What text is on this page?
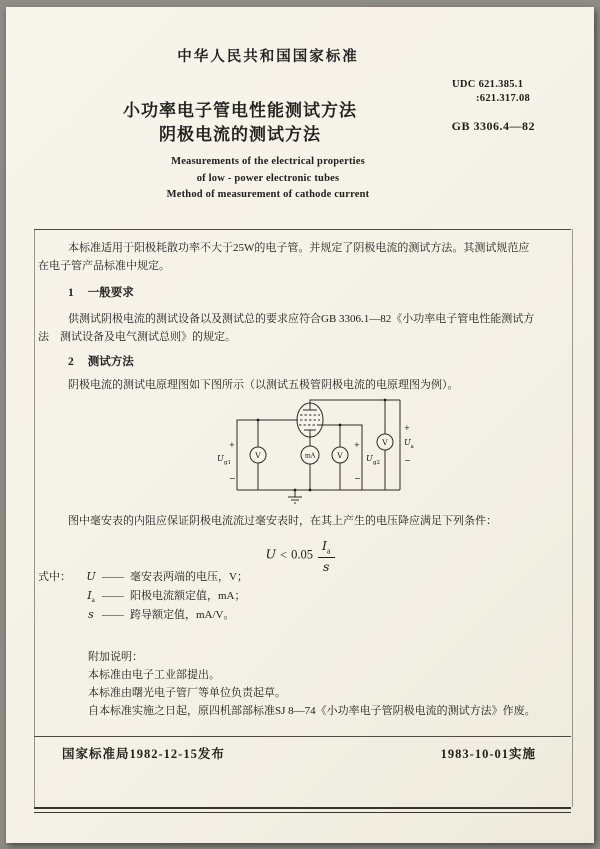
中华人民共和国国家标准
UDC 621.385.1
:621.317.08
小功率电子管电性能测试方法
阴极电流的测试方法	GB 3306.4—82
Measurements of the electrical properties
of low - power electronic tubes
Method of measurement of cathode current
本标准适用于阳极耗散功率不大于25W的电子管。并规定了阴极电流的测试方法。其测试规范应
在电子管产品标准中规定。
1 一般要求
供测试阴极电流的测试设备以及测试总的要求应符合GB 3306.1—82《小功率电子管电性能测试方
法　测试设备及电气测试总则》的规定。
2 测试方法
阴极电流的测试电原理图如下图所示（以测试五极管阴极电流的电原理图为例）。
V	mA	V
V
U g1
+
−
U g2
+
−
U a
+
−
图中毫安表的内阻应保证阴极电流流过毫安表时，在其上产生的电压降应满足下列条件：
$U < 0.05 \frac{I_a}{s}$
式中： U —— 毫安表两端的电压，V；
$I_a$ —— 阳极电流额定值，mA；
s —— 跨导额定值，mA/V。
附加说明：
本标准由电子工业部提出。
本标准由曙光电子管厂等单位负责起草。
自本标准实施之日起，原四机部部标准SJ 8—74《小功率电子管阴极电流的测试方法》作废。
国家标准局1982-12-15发布	1983-10-01实施
